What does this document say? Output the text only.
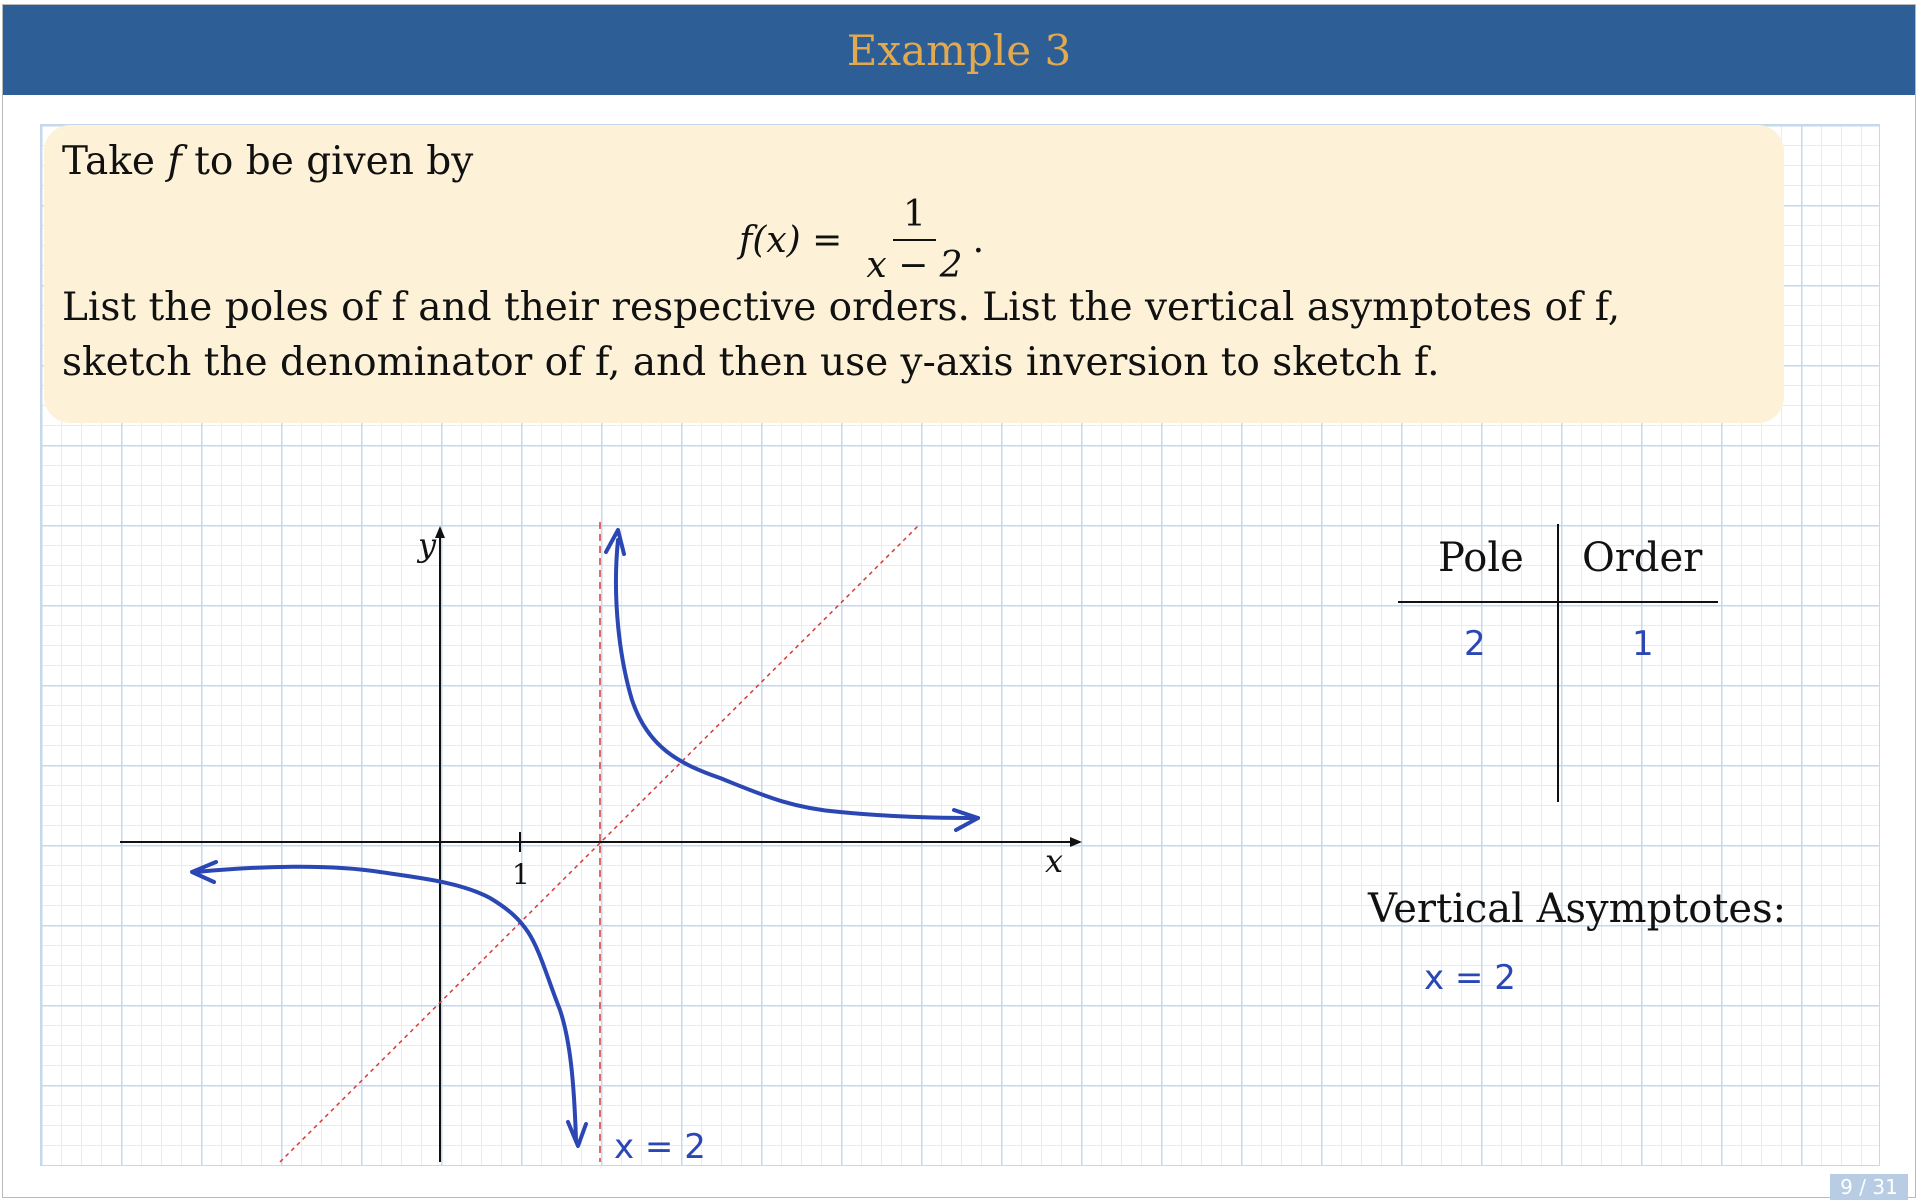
Example 3
Take f to be given by
$f(x) = \frac{1}{x - 2}$ .
List the poles of f and their respective orders. List the vertical asymptotes of f,
sketch the denominator of f, and then use y-axis inversion to sketch f.
y
x
1
x = 2
Pole Order
2	1
Vertical Asymptotes:
x = 2
9 / 31
